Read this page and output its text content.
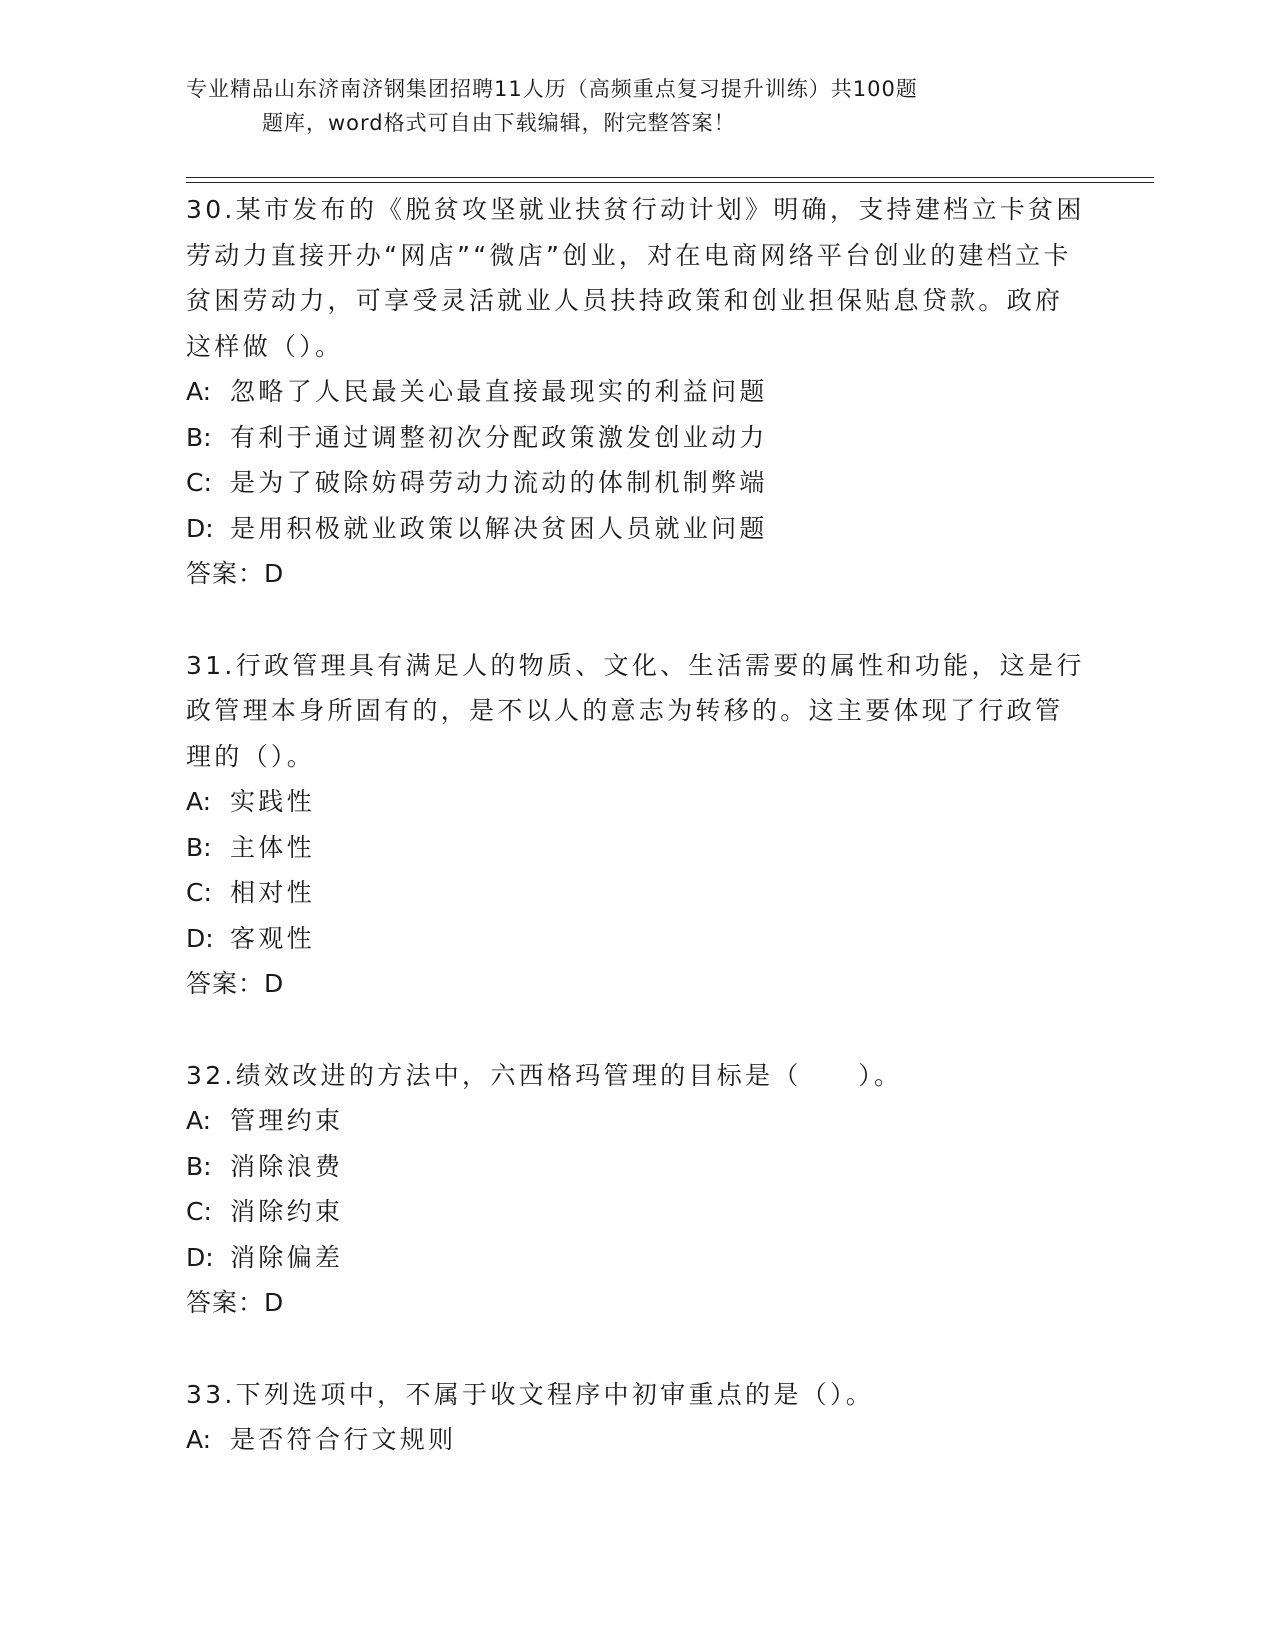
专业精品山东济南济钢集团招聘11人历（高频重点复习提升训练）共100题
题库，word格式可自由下载编辑，附完整答案！

30.某市发布的《脱贫攻坚就业扶贫行动计划》明确，支持建档立卡贫困劳动力直接开办“网店”“微店”创业，对在电商网络平台创业的建档立卡贫困劳动力，可享受灵活就业人员扶持政策和创业担保贴息贷款。政府这样做（）。

A: 忽略了人民最关心最直接最现实的利益问题

B: 有利于通过调整初次分配政策激发创业动力

C: 是为了破除妨碍劳动力流动的体制机制弊端

D: 是用积极就业政策以解决贫困人员就业问题

答案：D

31.行政管理具有满足人的物质、文化、生活需要的属性和功能，这是行政管理本身所固有的，是不以人的意志为转移的。这主要体现了行政管理的（）。

A: 实践性

B: 主体性

C: 相对性

D: 客观性

答案：D

32.绩效改进的方法中，六西格玛管理的目标是（　　）。

A: 管理约束

B: 消除浪费

C: 消除约束

D: 消除偏差

答案：D

33.下列选项中，不属于收文程序中初审重点的是（）。

A: 是否符合行文规则
